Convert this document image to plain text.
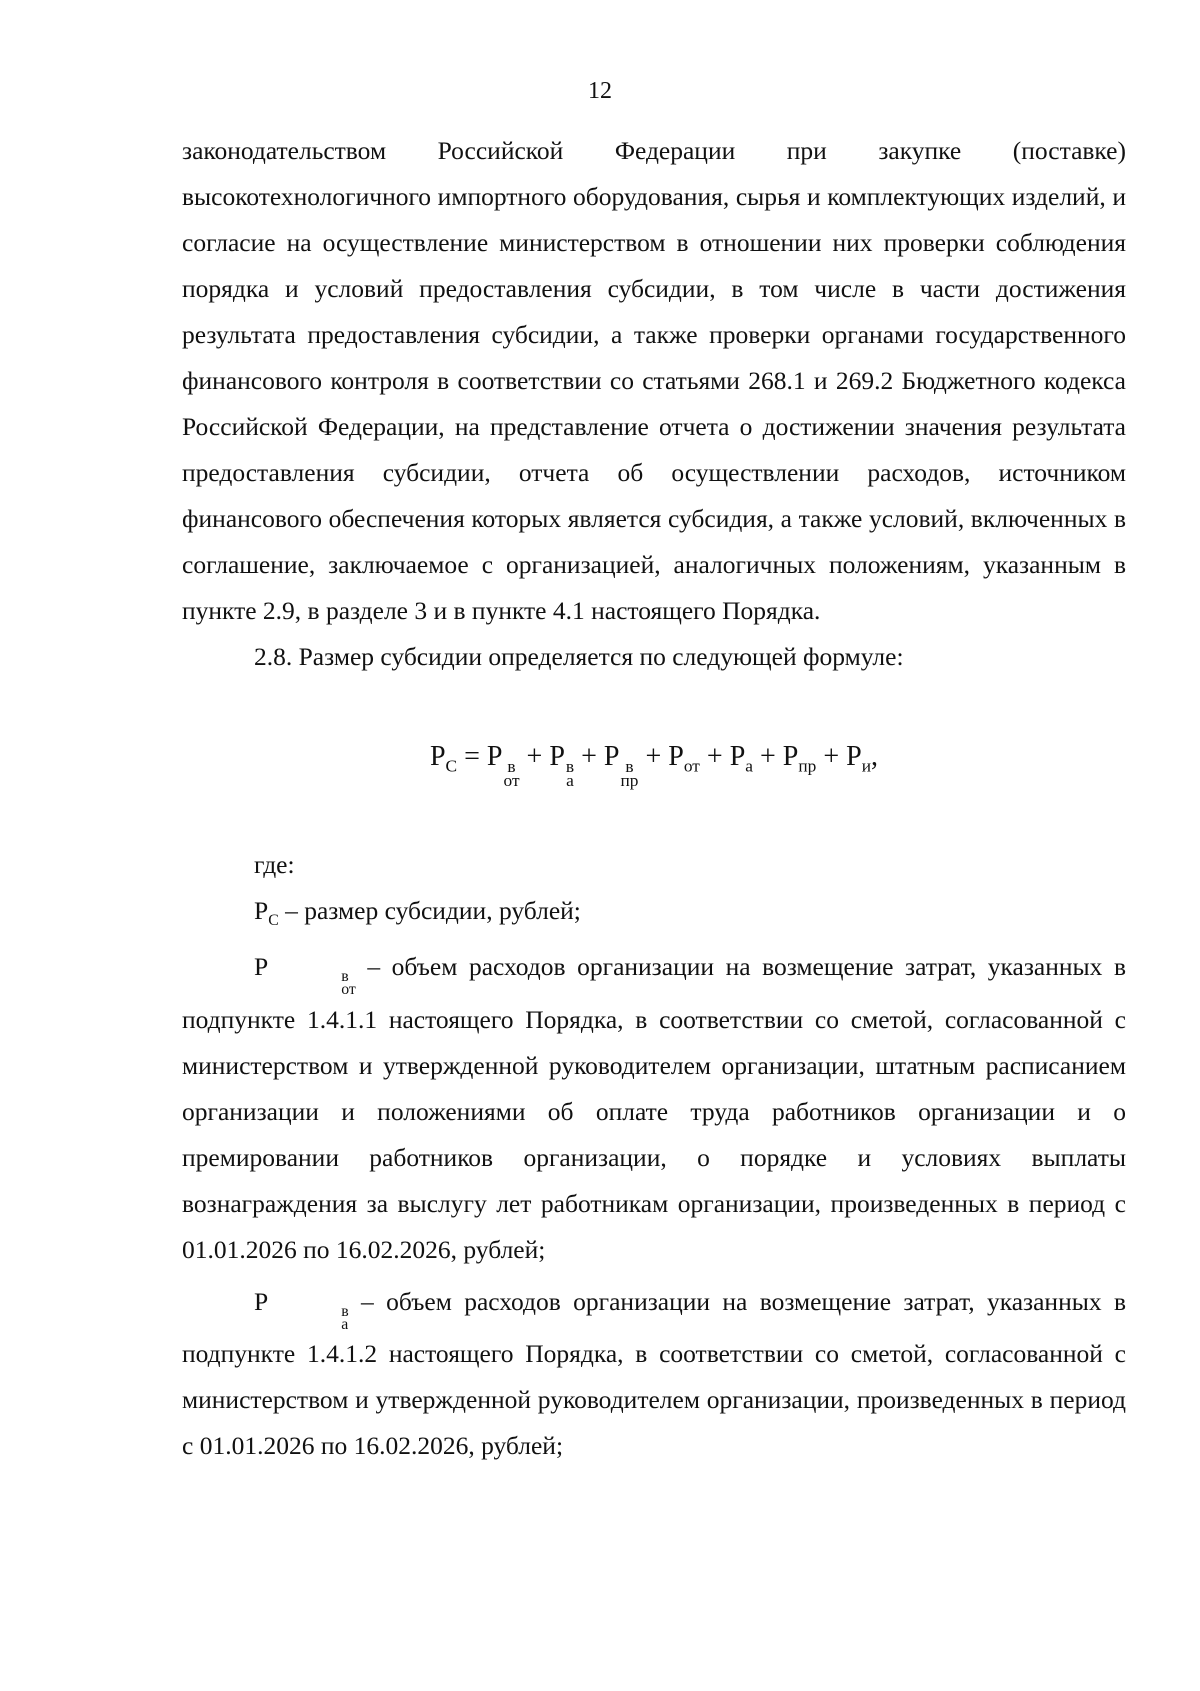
12

законодательством Российской Федерации при закупке (поставке) высокотехнологичного импортного оборудования, сырья и комплектующих изделий, и согласие на осуществление министерством в отношении них проверки соблюдения порядка и условий предоставления субсидии, в том числе в части достижения результата предоставления субсидии, а также проверки органами государственного финансового контроля в соответствии со статьями 268.1 и 269.2 Бюджетного кодекса Российской Федерации, на представление отчета о достижении значения результата предоставления субсидии, отчета об осуществлении расходов, источником финансового обеспечения которых является субсидия, а также условий, включенных в соглашение, заключаемое с организацией, аналогичных положениям, указанным в пункте 2.9, в разделе 3 и в пункте 4.1 настоящего Порядка.

2.8. Размер субсидии определяется по следующей формуле:

$P_С = P$ в
от
+ P в
а
+ P в
пр
+ $P_{от} + P_а + P_{пр} + P_и$,

где:

$P_С$ – размер субсидии, рублей;

P	в
от
– объем расходов организации на возмещение затрат, указанных в подпункте 1.4.1.1 настоящего Порядка, в соответствии со сметой, согласованной с министерством и утвержденной руководителем организации, штатным расписанием организации и положениями об оплате труда работников организации и о премировании работников организации, о порядке и условиях выплаты вознаграждения за выслугу лет работникам организации, произведенных в период с 01.01.2026 по 16.02.2026, рублей;

P	в
а
– объем расходов организации на возмещение затрат, указанных в подпункте 1.4.1.2 настоящего Порядка, в соответствии со сметой, согласованной с министерством и утвержденной руководителем организации, произведенных в период с 01.01.2026 по 16.02.2026, рублей;
